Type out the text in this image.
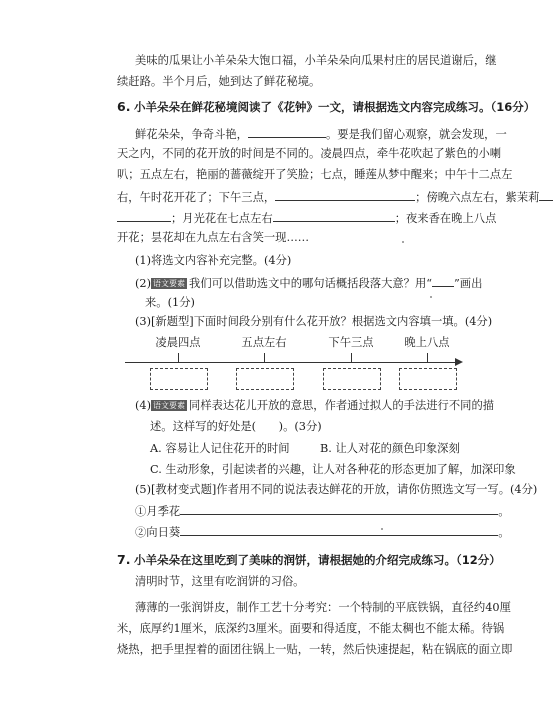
美味的瓜果让小羊朵朵大饱口福，小羊朵朵向瓜果村庄的居民道谢后，继
续赶路。半个月后，她到达了鲜花秘境。
6. 小羊朵朵在鲜花秘境阅读了《花钟》一文，请根据选文内容完成练习。（16分）
鲜花朵朵，争奇斗艳，	。要是我们留心观察，就会发现，一
天之内，不同的花开放的时间是不同的。凌晨四点，牵牛花吹起了紫色的小喇
叭；五点左右，艳丽的蔷薇绽开了笑脸；七点，睡莲从梦中醒来；中午十二点左
右，午时花开花了；下午三点，	；傍晚六点左右，紫茉莉
；月光花在七点左右	；夜来香在晚上八点
开花；昙花却在九点左右含笑一现……
(1)将选文内容补充完整。(4分)
(2) 语文要素 我们可以借助选文中的哪句话概括段落大意？用“ ”画出
来。(1分)
(3)[新题型]下面时间段分别有什么花开放？根据选文内容填一填。(4分)
凌晨四点	五点左右	下午三点	晚上八点
(4) 语文要素 同样表达花儿开放的意思，作者通过拟人的手法进行不同的描
述。这样写的好处是(　　)。(3分)
A. 容易让人记住花开的时间	B. 让人对花的颜色印象深刻
C. 生动形象，引起读者的兴趣，让人对各种花的形态更加了解，加深印象
(5)[教材变式题]作者用不同的说法表达鲜花的开放，请你仿照选文写一写。(4分)
①月季花	。
②向日葵	。
7. 小羊朵朵在这里吃到了美味的润饼，请根据她的介绍完成练习。（12分）
清明时节，这里有吃润饼的习俗。
薄薄的一张润饼皮，制作工艺十分考究：一个特制的平底铁锅，直径约40厘
米，底厚约1厘米，底深约3厘米。面要和得适度，不能太稠也不能太稀。待锅
烧热，把手里捏着的面团往锅上一贴，一转，然后快速提起，粘在锅底的面立即
